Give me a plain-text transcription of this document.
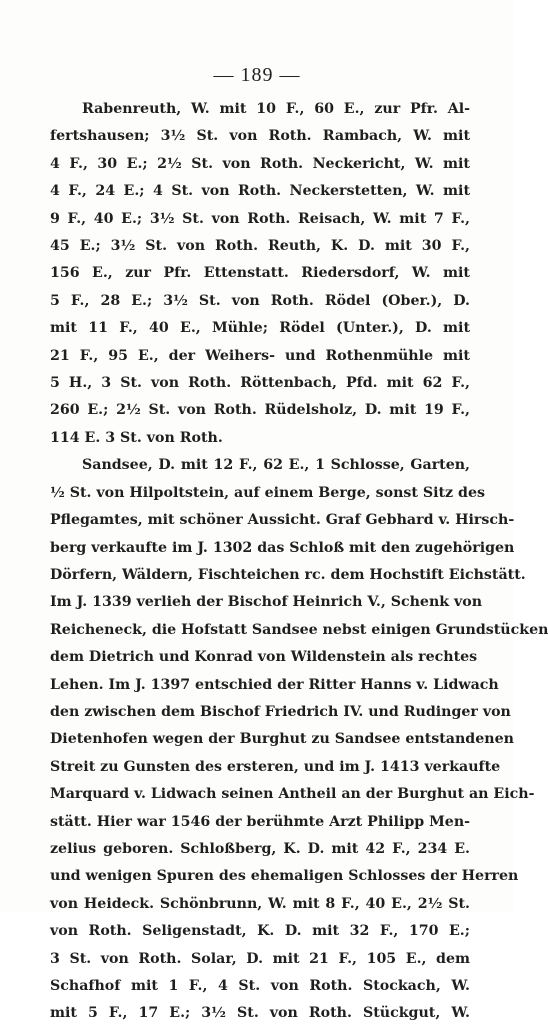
— 189 —
Rabenreuth, W. mit 10 F., 60 E., zur Pfr. Al-
fertshausen; 3½ St. von Roth. Rambach, W. mit
4 F., 30 E.; 2½ St. von Roth. Neckericht, W. mit
4 F., 24 E.; 4 St. von Roth. Neckerstetten, W. mit
9 F., 40 E.; 3½ St. von Roth. Reisach, W. mit 7 F.,
45 E.; 3½ St. von Roth. Reuth, K. D. mit 30 F.,
156 E., zur Pfr. Ettenstatt. Riedersdorf, W. mit
5 F., 28 E.; 3½ St. von Roth. Rödel (Ober.), D.
mit 11 F., 40 E., Mühle; Rödel (Unter.), D. mit
21 F., 95 E., der Weihers- und Rothenmühle mit
5 H., 3 St. von Roth. Röttenbach, Pfd. mit 62 F.,
260 E.; 2½ St. von Roth. Rüdelsholz, D. mit 19 F.,
114 E. 3 St. von Roth.
Sandsee, D. mit 12 F., 62 E., 1 Schlosse, Garten,
½ St. von Hilpoltstein, auf einem Berge, sonst Sitz des
Pflegamtes, mit schöner Aussicht. Graf Gebhard v. Hirsch-
berg verkaufte im J. 1302 das Schloß mit den zugehörigen
Dörfern, Wäldern, Fischteichen rc. dem Hochstift Eichstätt.
Im J. 1339 verlieh der Bischof Heinrich V., Schenk von
Reicheneck, die Hofstatt Sandsee nebst einigen Grundstücken
dem Dietrich und Konrad von Wildenstein als rechtes
Lehen. Im J. 1397 entschied der Ritter Hanns v. Lidwach
den zwischen dem Bischof Friedrich IV. und Rudinger von
Dietenhofen wegen der Burghut zu Sandsee entstandenen
Streit zu Gunsten des ersteren, und im J. 1413 verkaufte
Marquard v. Lidwach seinen Antheil an der Burghut an Eich-
stätt. Hier war 1546 der berühmte Arzt Philipp Men-
zelius geboren. Schloßberg, K. D. mit 42 F., 234 E.
und wenigen Spuren des ehemaligen Schlosses der Herren
von Heideck. Schönbrunn, W. mit 8 F., 40 E., 2½ St.
von Roth. Seligenstadt, K. D. mit 32 F., 170 E.;
3 St. von Roth. Solar, D. mit 21 F., 105 E., dem
Schafhof mit 1 F., 4 St. von Roth. Stockach, W.
mit 5 F., 17 E.; 3½ St. von Roth. Stückgut, W.
